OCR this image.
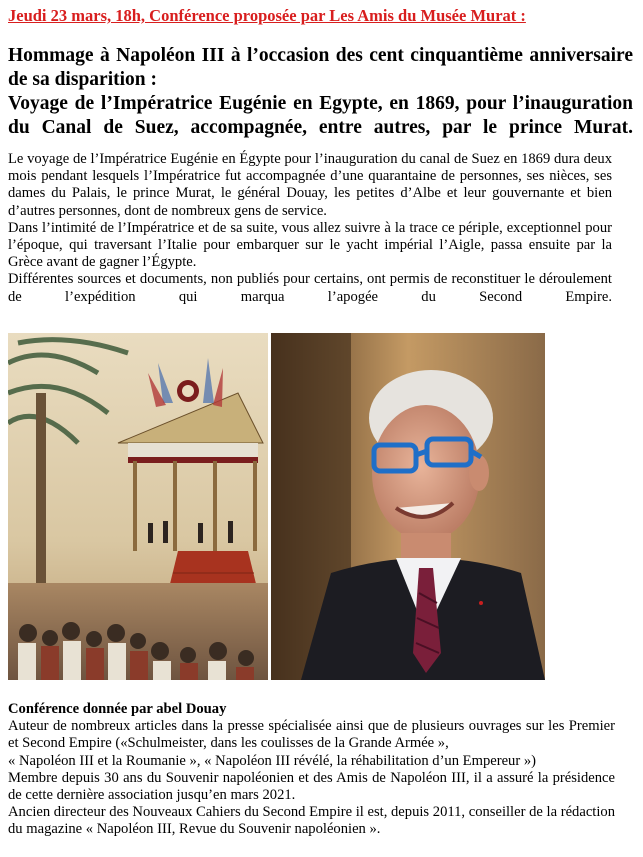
Jeudi 23 mars, 18h, Conférence proposée par Les Amis du Musée Murat :

Hommage à Napoléon III à l’occasion des cent cinquantième anniversaire de sa disparition :

Voyage de l’Impératrice Eugénie en Egypte, en 1869, pour l’inauguration du Canal de Suez, accompagnée, entre autres, par le prince Murat.

Le voyage de l’Impératrice Eugénie en Égypte pour l’inauguration du canal de Suez en 1869 dura deux mois pendant lesquels l’Impératrice fut accompagnée d’une quarantaine de personnes, ses nièces, ses dames du Palais, le prince Murat, le général Douay, les petites d’Albe et leur gouvernante et bien d’autres personnes, dont de nombreux gens de service.

Dans l’intimité de l’Impératrice et de sa suite, vous allez suivre à la trace ce périple, exceptionnel pour l’époque, qui traversant l’Italie pour embarquer sur le yacht impérial l’Aigle, passa ensuite par la Grèce avant de gagner l’Égypte.

Différentes sources et documents, non publiés pour certains, ont permis de reconstituer le déroulement de l’expédition qui marqua l’apogée du Second Empire.

Conférence donnée par abel Douay

Auteur de nombreux articles dans la presse spécialisée ainsi que de plusieurs ouvrages sur les Premier et Second Empire («Schulmeister, dans les coulisses de la Grande Armée »,

« Napoléon III et la Roumanie », « Napoléon III révélé, la réhabilitation d’un Empereur »)

Membre depuis 30 ans du Souvenir napoléonien et des Amis de Napoléon III, il a assuré la présidence de cette dernière association jusqu’en mars 2021.

Ancien directeur des Nouveaux Cahiers du Second Empire il est, depuis 2011, conseiller de la rédaction du magazine « Napoléon III, Revue du Souvenir napoléonien ».
